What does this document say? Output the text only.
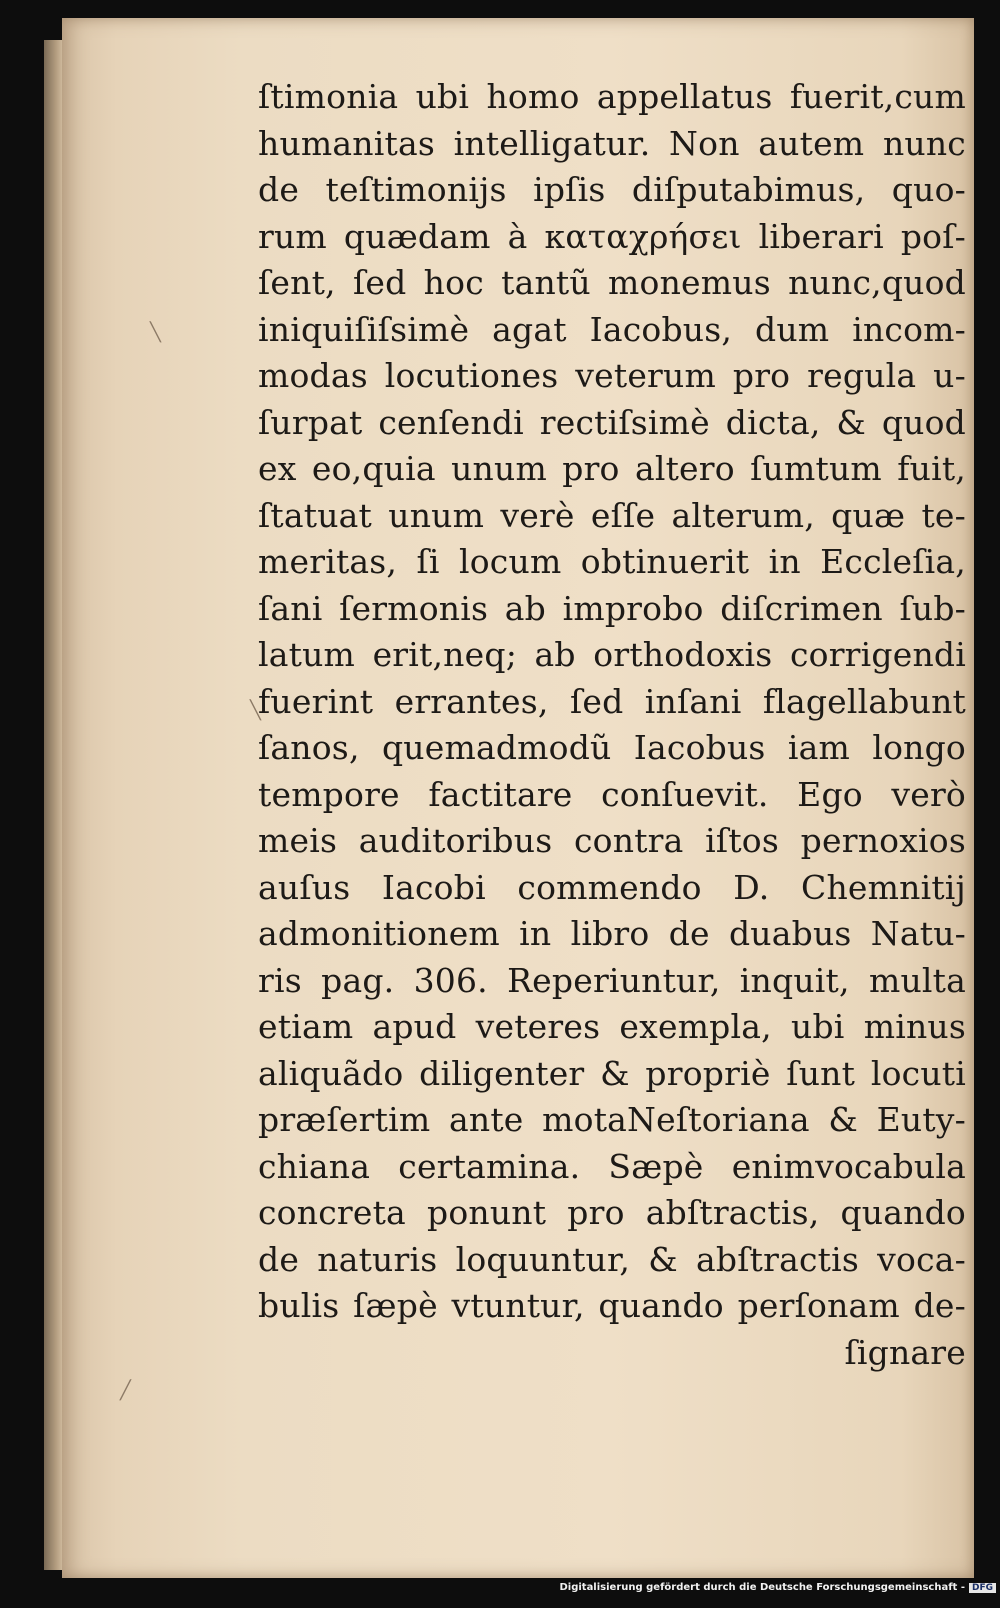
╲
╲
╱
ſtimonia ubi homo appellatus fuerit,cum
humanitas intelligatur. Non autem nunc
de teſtimonijs ipſis diſputabimus, quo-
rum quædam à καταχρήσει liberari poſ-
ſent, ſed hoc tantũ monemus nunc,quod
iniquiſiſsimè agat Iacobus, dum incom-
modas locutiones veterum pro regula u-
ſurpat cenſendi rectiſsimè dicta, & quod
ex eo,quia unum pro altero ſumtum fuit,
ſtatuat unum verè eſſe alterum, quæ te-
meritas, ſi locum obtinuerit in Eccleſia,
ſani ſermonis ab improbo diſcrimen ſub-
latum erit,neq; ab orthodoxis corrigendi
fuerint errantes, ſed inſani flagellabunt
ſanos, quemadmodũ Iacobus iam longo
tempore factitare conſuevit. Ego verò
meis auditoribus contra iſtos pernoxios
auſus Iacobi commendo D. Chemnitij
admonitionem in libro de duabus Natu-
ris pag. 306. Reperiuntur, inquit, multa
etiam apud veteres exempla, ubi minus
aliquãdo diligenter & propriè ſunt locuti
præſertim ante motaNeſtoriana & Euty-
chiana certamina. Sæpè enimvocabula
concreta ponunt pro abſtractis, quando
de naturis loquuntur, & abſtractis voca-
bulis ſæpè vtuntur, quando perſonam de-
ſignare
Digitalisierung gefördert durch die Deutsche Forschungsgemeinschaft - DFG
